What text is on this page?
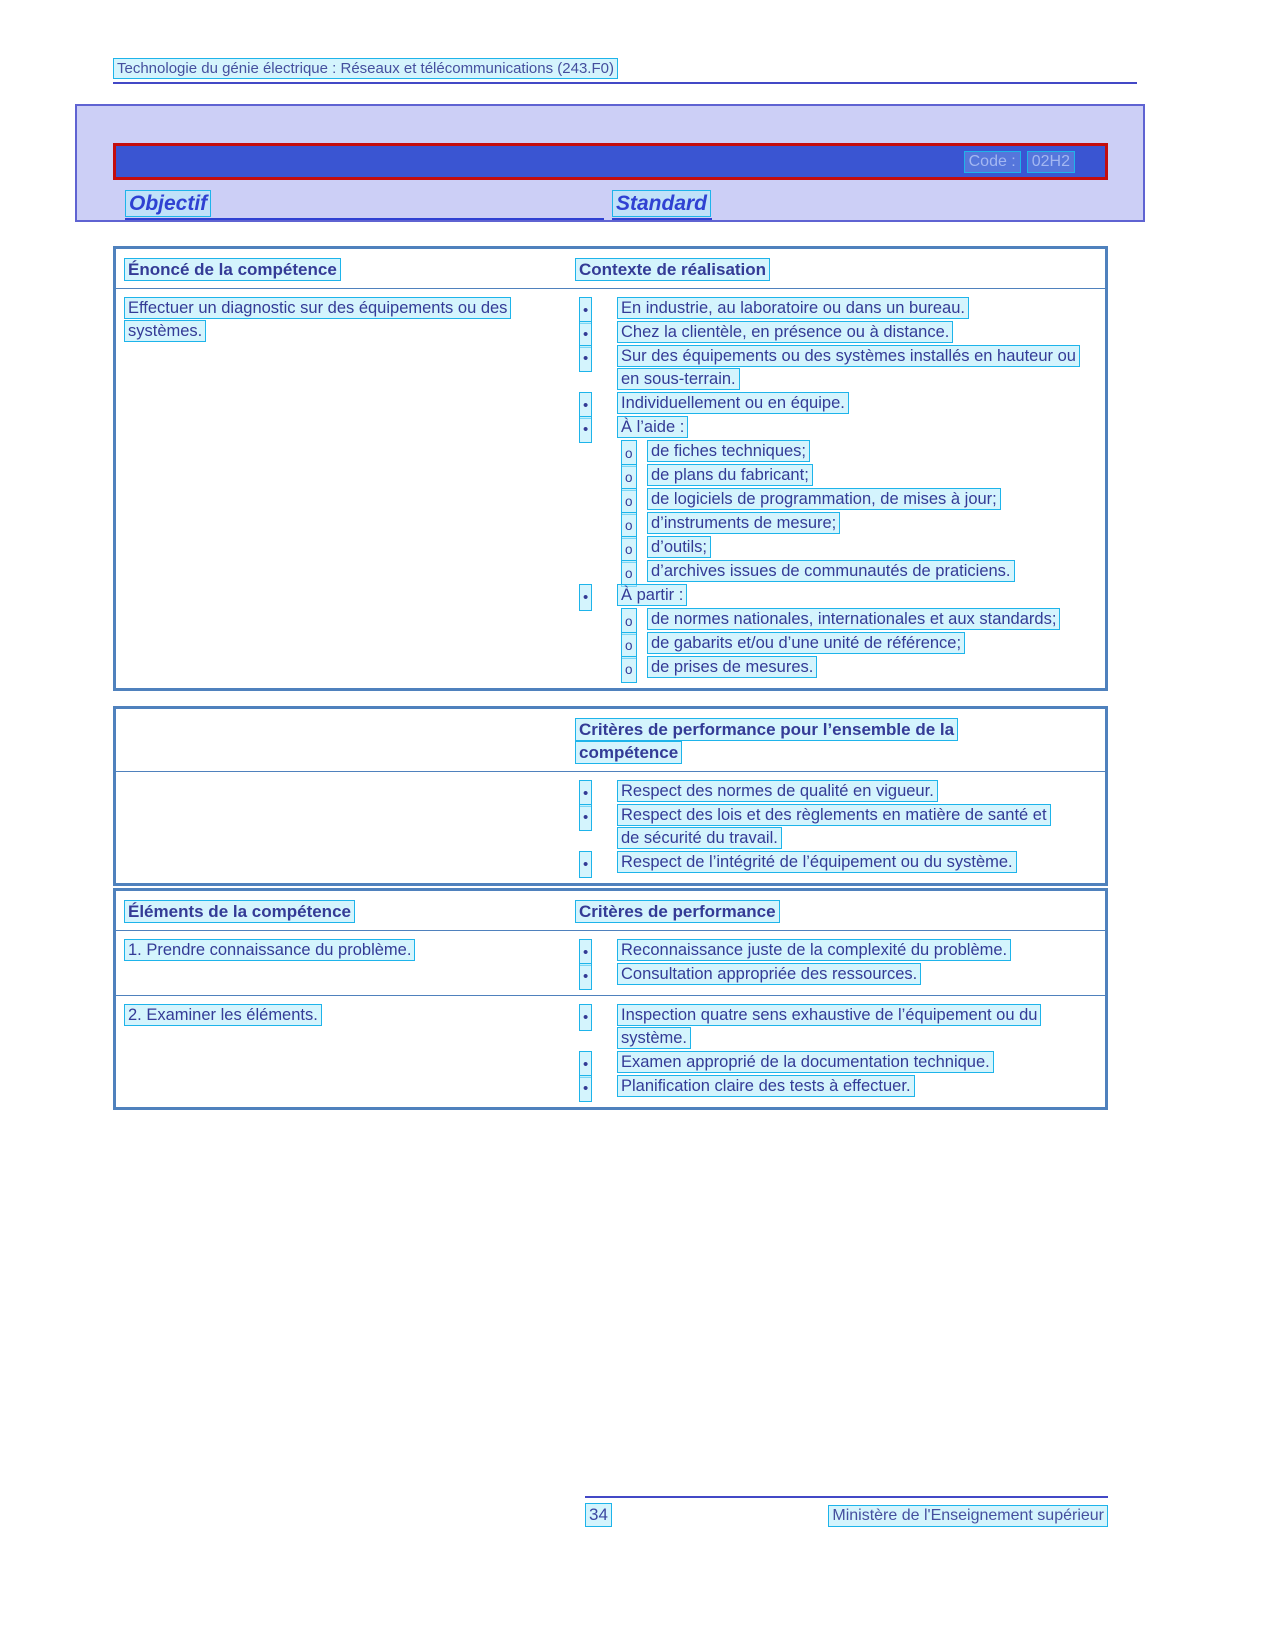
Technologie du génie électrique : Réseaux et télécommunications (243.F0)
Code :	02H2
Objectif	Standard
Énoncé de la compétence	Contexte de réalisation
Effectuer un diagnostic sur des équipements ou des systèmes.
• En industrie, au laboratoire ou dans un bureau.
• Chez la clientèle, en présence ou à distance.
• Sur des équipements ou des systèmes installés en hauteur ou en sous-terrain.
• Individuellement ou en équipe.
• À l’aide :
o de fiches techniques;
o de plans du fabricant;
o de logiciels de programmation, de mises à jour;
o d’instruments de mesure;
o d’outils;
o d’archives issues de communautés de praticiens.
• À partir :
o de normes nationales, internationales et aux standards;
o de gabarits et/ou d’une unité de référence;
o de prises de mesures.
Critères de performance pour l’ensemble de la compétence
• Respect des normes de qualité en vigueur.
• Respect des lois et des règlements en matière de santé et de sécurité du travail.
• Respect de l’intégrité de l’équipement ou du système.
Éléments de la compétence	Critères de performance
1. Prendre connaissance du problème.	• Reconnaissance juste de la complexité du problème.
• Consultation appropriée des ressources.
2. Examiner les éléments.	• Inspection quatre sens exhaustive de l’équipement ou du système.
• Examen approprié de la documentation technique.
• Planification claire des tests à effectuer.
34	Ministère de l'Enseignement supérieur
